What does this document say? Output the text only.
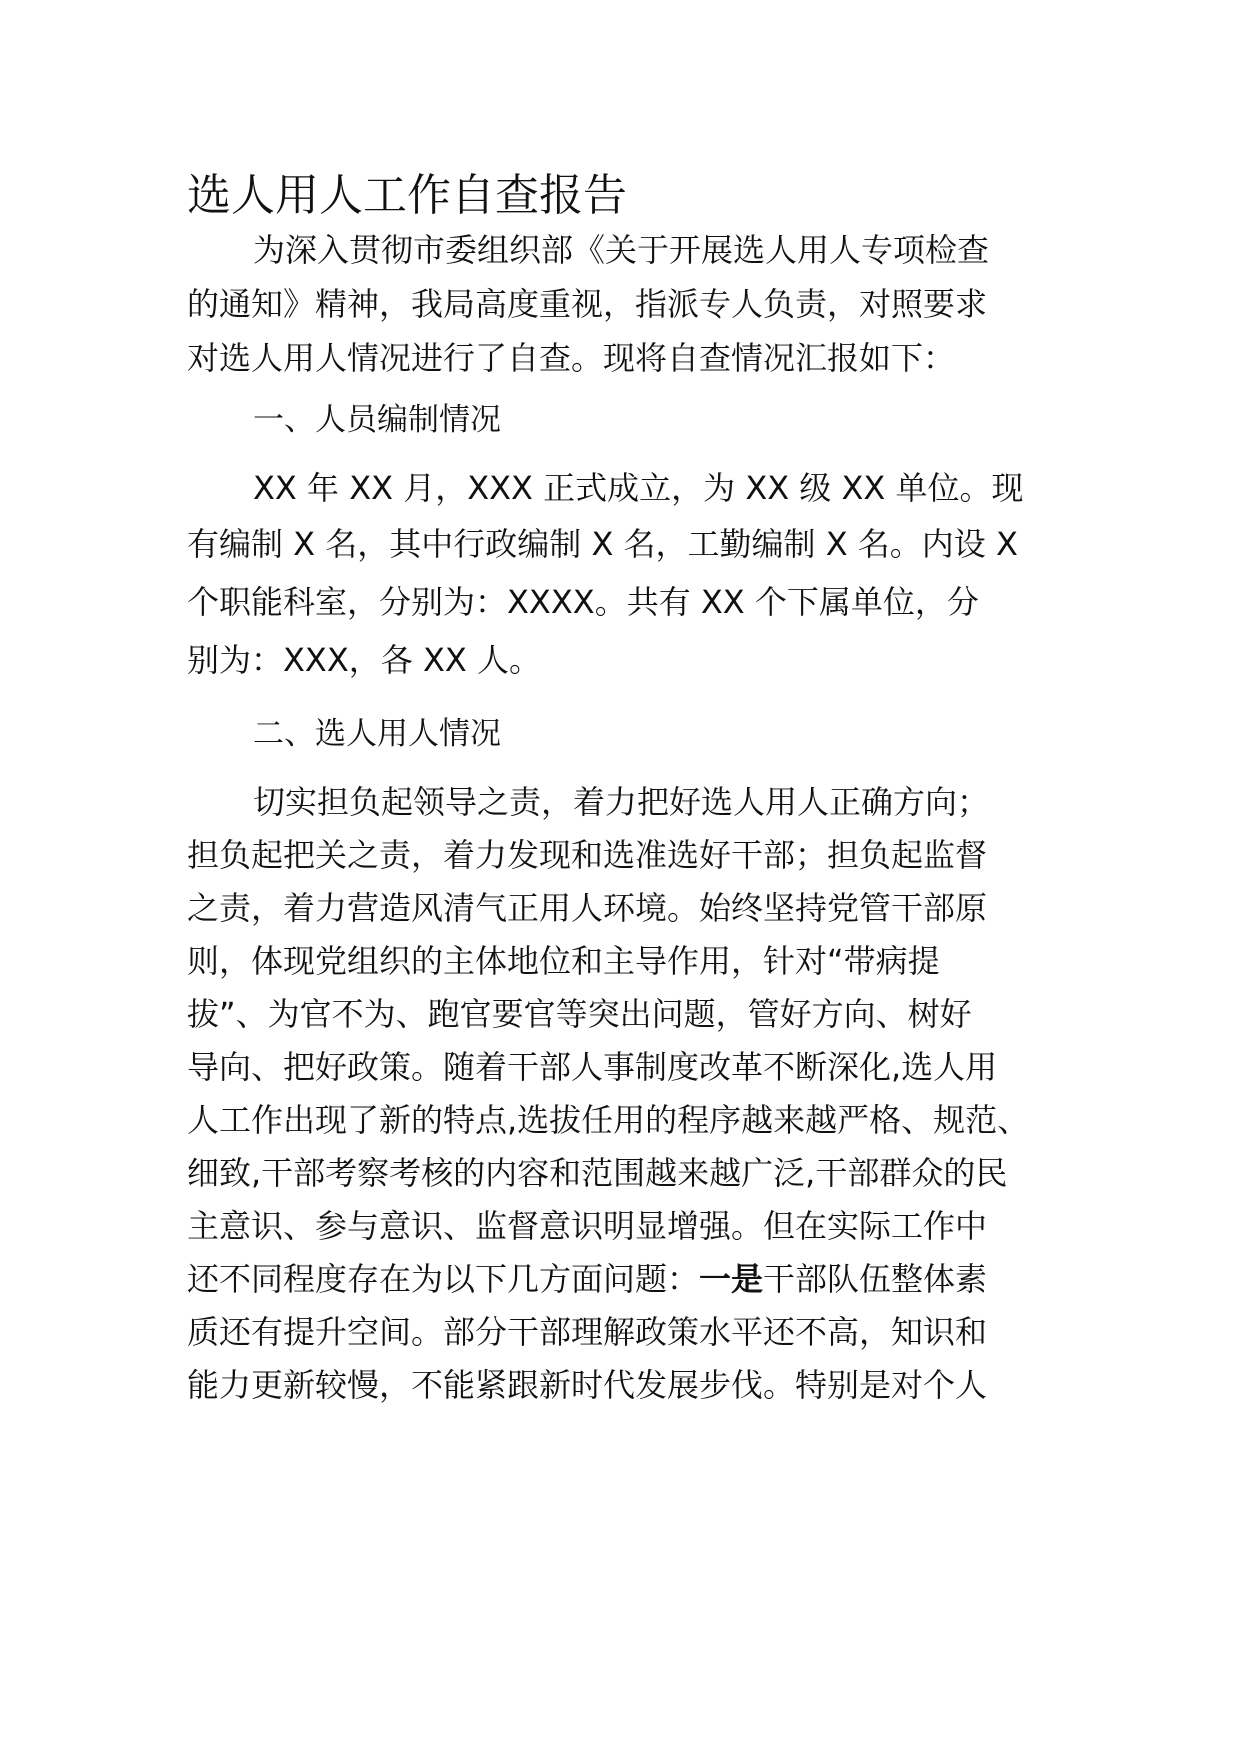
选人用人工作自查报告
为深入贯彻市委组织部《关于开展选人用人专项检查
的通知》精神，我局高度重视，指派专人负责，对照要求
对选人用人情况进行了自查。现将自查情况汇报如下：
一、人员编制情况
XX 年 XX 月，XXX 正式成立，为 XX 级 XX 单位。现
有编制 X 名，其中行政编制 X 名，工勤编制 X 名。内设 X
个职能科室，分别为：XXXX。共有 XX 个下属单位，分
别为：XXX，各 XX 人。
二、选人用人情况
切实担负起领导之责，着力把好选人用人正确方向；
担负起把关之责，着力发现和选准选好干部；担负起监督
之责，着力营造风清气正用人环境。始终坚持党管干部原
则，体现党组织的主体地位和主导作用，针对“带病提
拔”、为官不为、跑官要官等突出问题，管好方向、树好
导向、把好政策。随着干部人事制度改革不断深化,选人用
人工作出现了新的特点,选拔任用的程序越来越严格、规范、
细致,干部考察考核的内容和范围越来越广泛,干部群众的民
主意识、参与意识、监督意识明显增强。但在实际工作中
还不同程度存在为以下几方面问题：一是干部队伍整体素
质还有提升空间。部分干部理解政策水平还不高，知识和
能力更新较慢，不能紧跟新时代发展步伐。特别是对个人
